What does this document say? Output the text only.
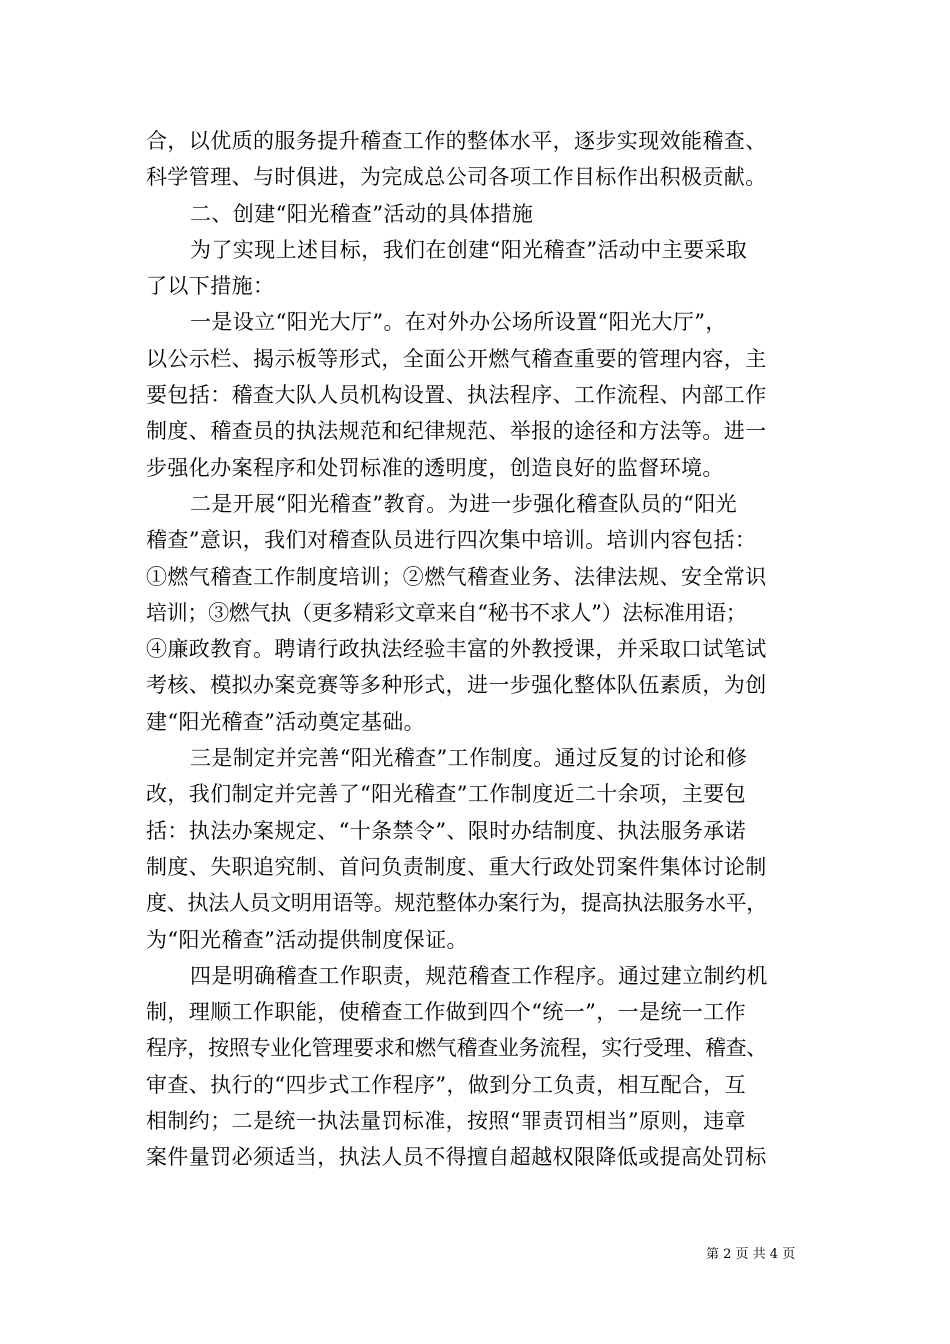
合，以优质的服务提升稽查工作的整体水平，逐步实现效能稽查、
科学管理、与时俱进，为完成总公司各项工作目标作出积极贡献。
二、创建“阳光稽查”活动的具体措施
为了实现上述目标，我们在创建“阳光稽查”活动中主要采取
了以下措施：
一是设立“阳光大厅”。在对外办公场所设置“阳光大厅”，
以公示栏、揭示板等形式，全面公开燃气稽查重要的管理内容，主
要包括：稽查大队人员机构设置、执法程序、工作流程、内部工作
制度、稽查员的执法规范和纪律规范、举报的途径和方法等。进一
步强化办案程序和处罚标准的透明度，创造良好的监督环境。
二是开展“阳光稽查”教育。为进一步强化稽查队员的“阳光
稽查”意识，我们对稽查队员进行四次集中培训。培训内容包括：
①燃气稽查工作制度培训；②燃气稽查业务、法律法规、安全常识
培训；③燃气执（更多精彩文章来自“秘书不求人”）法标准用语；
④廉政教育。聘请行政执法经验丰富的外教授课，并采取口试笔试
考核、模拟办案竞赛等多种形式，进一步强化整体队伍素质，为创
建“阳光稽查”活动奠定基础。
三是制定并完善“阳光稽查”工作制度。通过反复的讨论和修
改，我们制定并完善了“阳光稽查”工作制度近二十余项，主要包
括：执法办案规定、“十条禁令”、限时办结制度、执法服务承诺
制度、失职追究制、首问负责制度、重大行政处罚案件集体讨论制
度、执法人员文明用语等。规范整体办案行为，提高执法服务水平，
为“阳光稽查”活动提供制度保证。
四是明确稽查工作职责，规范稽查工作程序。通过建立制约机
制，理顺工作职能，使稽查工作做到四个“统一”，一是统一工作
程序，按照专业化管理要求和燃气稽查业务流程，实行受理、稽查、
审查、执行的“四步式工作程序”，做到分工负责，相互配合，互
相制约；二是统一执法量罚标准，按照“罪责罚相当”原则，违章
案件量罚必须适当，执法人员不得擅自超越权限降低或提高处罚标
第 2 页 共 4 页
